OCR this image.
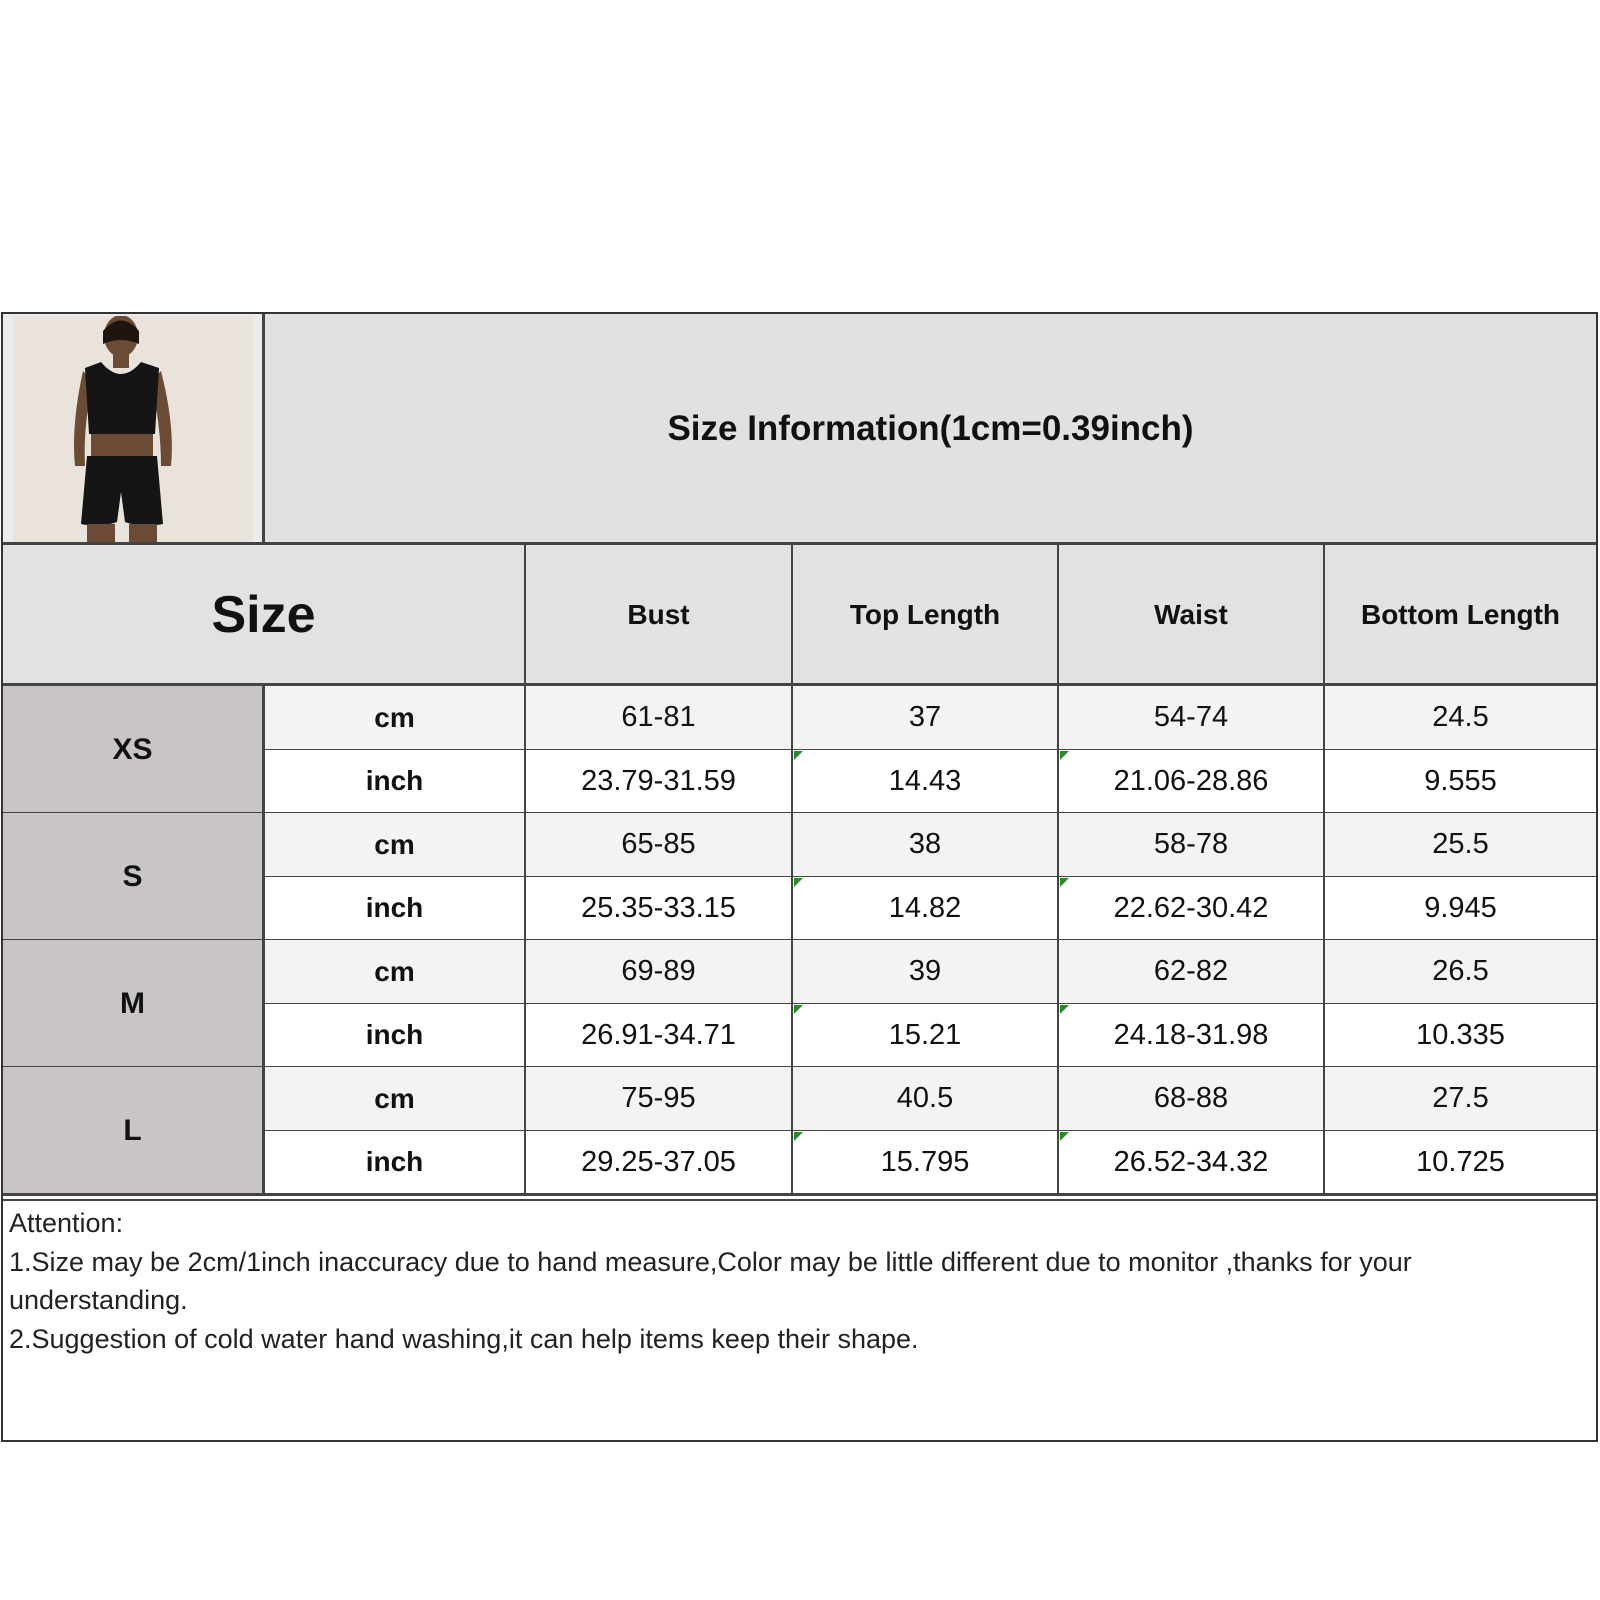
Size Information(1cm=0.39inch)
Size	Bust	Top Length	Waist	Bottom Length
XS
cm	61-81	37	54-74	24.5
inch	23.79-31.59	14.43	21.06-28.86	9.555
S
cm	65-85	38	58-78	25.5
inch	25.35-33.15	14.82	22.62-30.42	9.945
M
cm	69-89	39	62-82	26.5
inch	26.91-34.71	15.21	24.18-31.98	10.335
L
cm	75-95	40.5	68-88	27.5
inch	29.25-37.05	15.795	26.52-34.32	10.725
Attention:
1.Size may be 2cm/1inch inaccuracy due to hand measure,Color may be little different due to monitor ,thanks for your understanding.
2.Suggestion of cold water hand washing,it can help items keep their shape.
